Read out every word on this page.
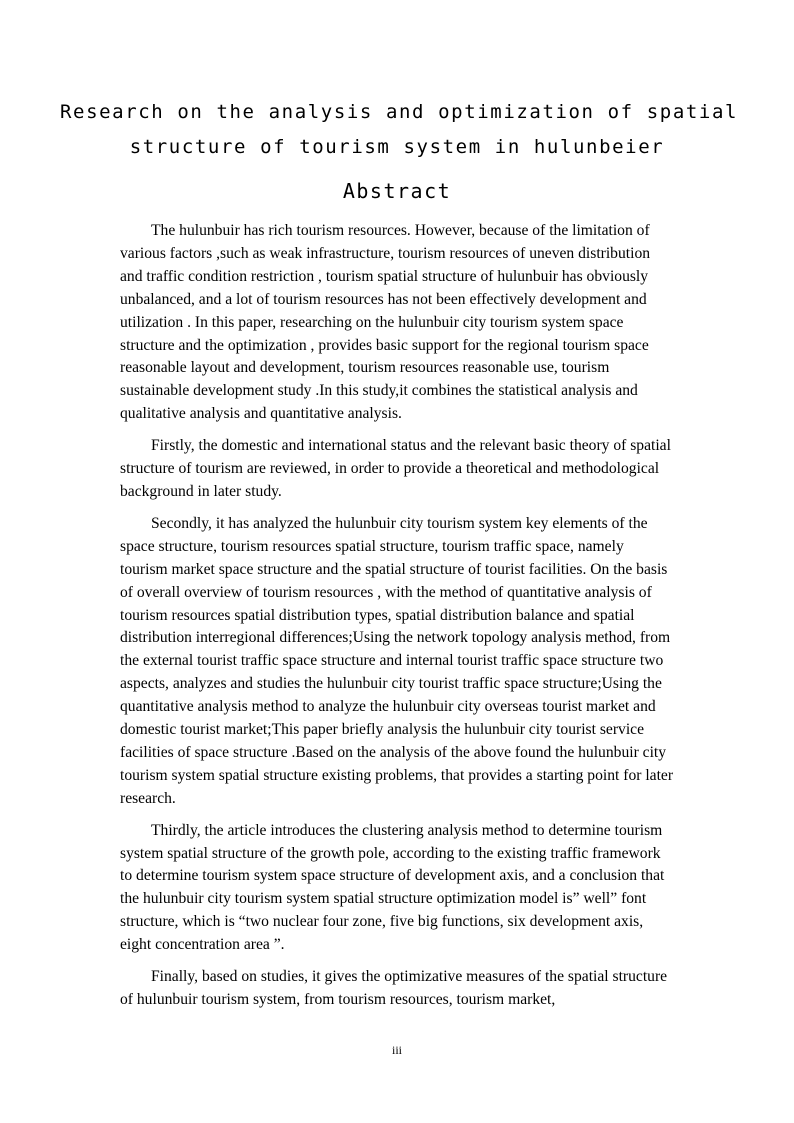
Research on the analysis and optimization of spatial
structure of tourism system in hulunbeier
Abstract

The hulunbuir has rich tourism resources. However, because of the limitation of various factors ,such as weak infrastructure, tourism resources of uneven distribution and traffic condition restriction , tourism spatial structure of hulunbuir has obviously unbalanced, and a lot of tourism resources has not been effectively development and utilization . In this paper, researching on the hulunbuir city tourism system space structure and the optimization , provides basic support for the regional tourism space reasonable layout and development, tourism resources reasonable use, tourism sustainable development study .In this study,it combines the statistical analysis and qualitative analysis and quantitative analysis.

Firstly, the domestic and international status and the relevant basic theory of spatial structure of tourism are reviewed, in order to provide a theoretical and methodological background in later study.

Secondly, it has analyzed the hulunbuir city tourism system key elements of the space structure, tourism resources spatial structure, tourism traffic space, namely tourism market space structure and the spatial structure of tourist facilities. On the basis of overall overview of tourism resources , with the method of quantitative analysis of tourism resources spatial distribution types, spatial distribution balance and spatial distribution interregional differences;Using the network topology analysis method, from the external tourist traffic space structure and internal tourist traffic space structure two aspects, analyzes and studies the hulunbuir city tourist traffic space structure;Using the quantitative analysis method to analyze the hulunbuir city overseas tourist market and domestic tourist market;This paper briefly analysis the hulunbuir city tourist service facilities of space structure .Based on the analysis of the above found the hulunbuir city tourism system spatial structure existing problems, that provides a starting point for later research.

Thirdly, the article introduces the clustering analysis method to determine tourism system spatial structure of the growth pole, according to the existing traffic framework to determine tourism system space structure of development axis, and a conclusion that the hulunbuir city tourism system spatial structure optimization model is” well” font structure, which is “two nuclear four zone, five big functions, six development axis, eight concentration area ”.

Finally, based on studies, it gives the optimizative measures of the spatial structure of hulunbuir tourism system, from tourism resources, tourism market,

iii
